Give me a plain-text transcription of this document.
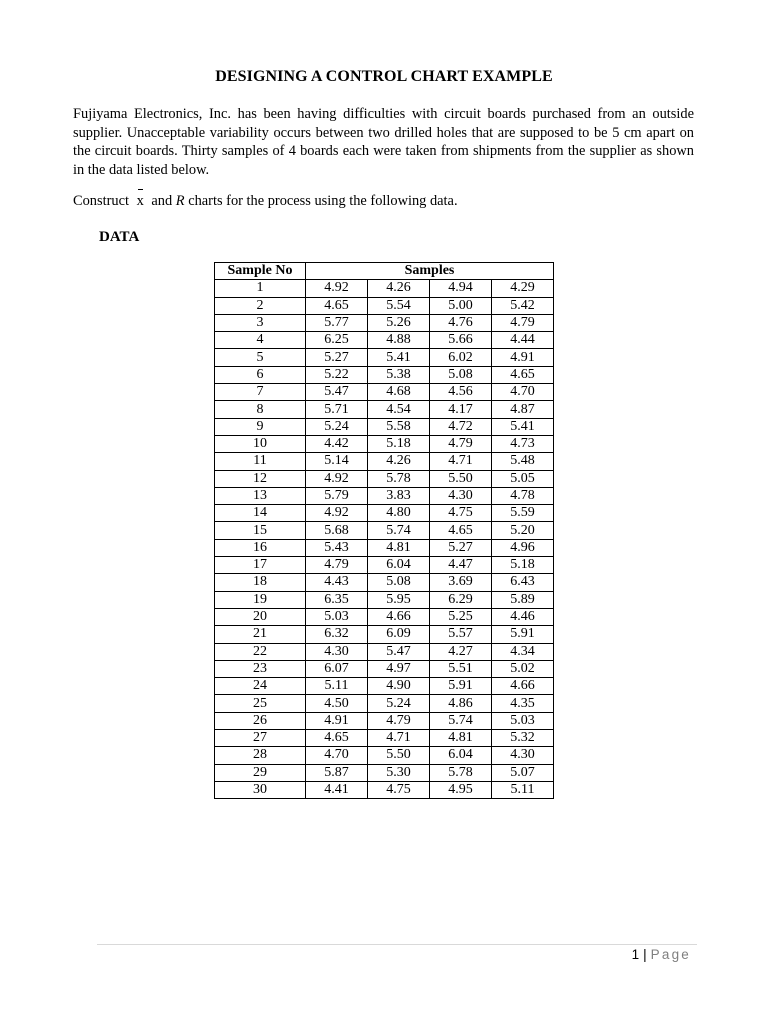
DESIGNING A CONTROL CHART EXAMPLE
Fujiyama Electronics, Inc. has been having difficulties with circuit boards purchased from an outside supplier. Unacceptable variability occurs between two drilled holes that are supposed to be 5 cm apart on the circuit boards. Thirty samples of 4 boards each were taken from shipments from the supplier as shown in the data listed below.
Construct x and R charts for the process using the following data.
DATA
Sample No	Samples			
1	4.92	4.26	4.94	4.29
2	4.65	5.54	5.00	5.42
3	5.77	5.26	4.76	4.79
4	6.25	4.88	5.66	4.44
5	5.27	5.41	6.02	4.91
6	5.22	5.38	5.08	4.65
7	5.47	4.68	4.56	4.70
8	5.71	4.54	4.17	4.87
9	5.24	5.58	4.72	5.41
10	4.42	5.18	4.79	4.73
11	5.14	4.26	4.71	5.48
12	4.92	5.78	5.50	5.05
13	5.79	3.83	4.30	4.78
14	4.92	4.80	4.75	5.59
15	5.68	5.74	4.65	5.20
16	5.43	4.81	5.27	4.96
17	4.79	6.04	4.47	5.18
18	4.43	5.08	3.69	6.43
19	6.35	5.95	6.29	5.89
20	5.03	4.66	5.25	4.46
21	6.32	6.09	5.57	5.91
22	4.30	5.47	4.27	4.34
23	6.07	4.97	5.51	5.02
24	5.11	4.90	5.91	4.66
25	4.50	5.24	4.86	4.35
26	4.91	4.79	5.74	5.03
27	4.65	4.71	4.81	5.32
28	4.70	5.50	6.04	4.30
29	5.87	5.30	5.78	5.07
30	4.41	4.75	4.95	5.11
1 | Page
